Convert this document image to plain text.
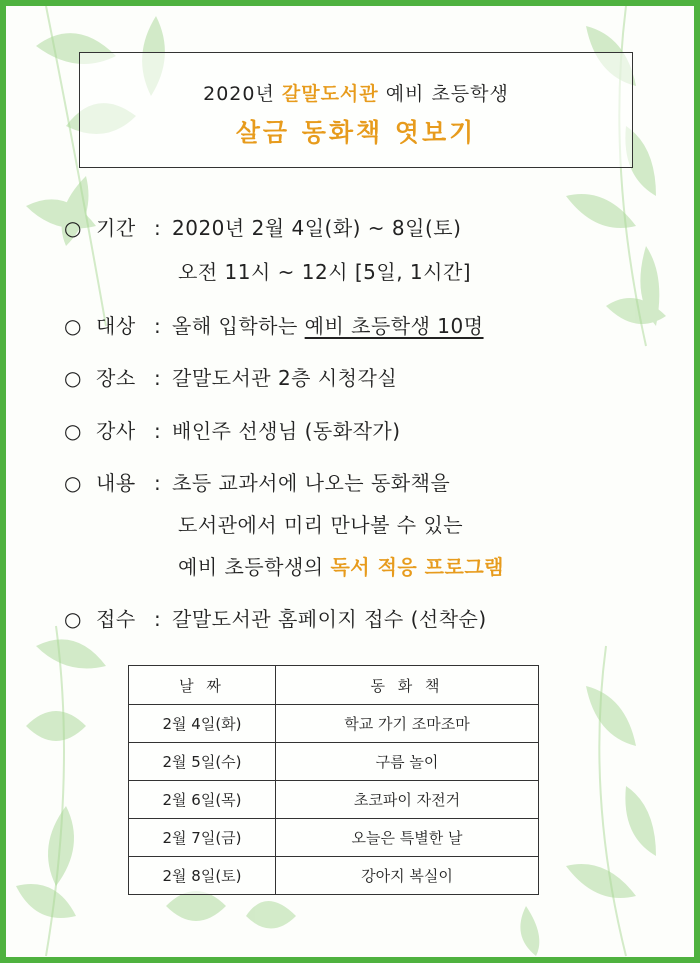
2020년 갈말도서관 예비 초등학생
살금 동화책 엿보기
○ 기간 : 2020년 2월 4일(화) ~ 8일(토)
오전 11시 ~ 12시 [5일, 1시간]
○ 대상 : 올해 입학하는 예비 초등학생 10명
○ 장소 : 갈말도서관 2층 시청각실
○ 강사 : 배인주 선생님 (동화작가)
○ 내용 : 초등 교과서에 나오는 동화책을
도서관에서 미리 만나볼 수 있는
예비 초등학생의 독서 적응 프로그램
○ 접수 : 갈말도서관 홈페이지 접수 (선착순)
날 짜	동 화 책
2월 4일(화)	학교 가기 조마조마
2월 5일(수)	구름 놀이
2월 6일(목)	초코파이 자전거
2월 7일(금)	오늘은 특별한 날
2월 8일(토)	강아지 복실이
